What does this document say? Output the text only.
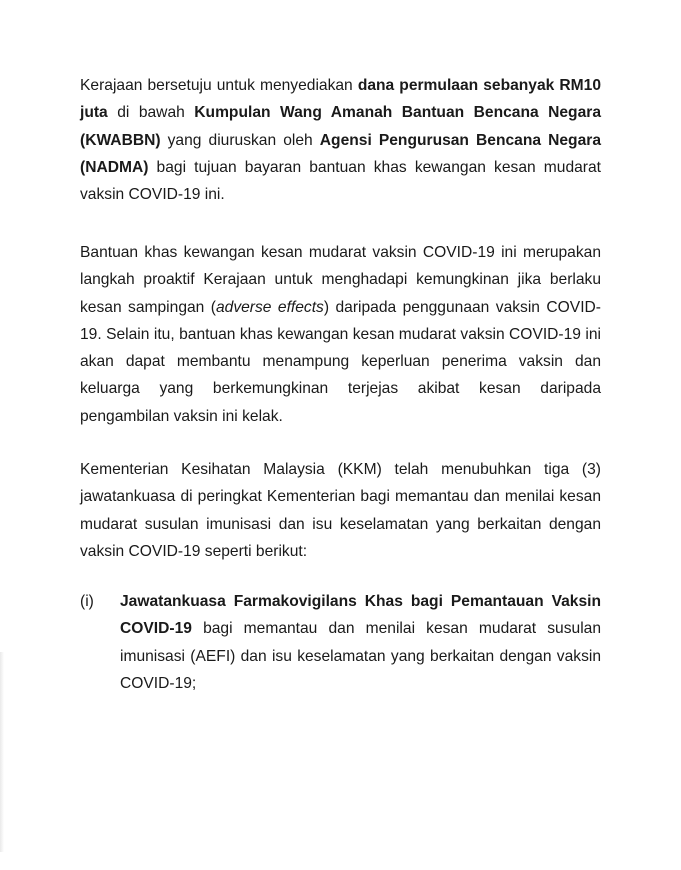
Kerajaan bersetuju untuk menyediakan dana permulaan sebanyak RM10 juta di bawah Kumpulan Wang Amanah Bantuan Bencana Negara (KWABBN) yang diuruskan oleh Agensi Pengurusan Bencana Negara (NADMA) bagi tujuan bayaran bantuan khas kewangan kesan mudarat vaksin COVID-19 ini.

Bantuan khas kewangan kesan mudarat vaksin COVID-19 ini merupakan langkah proaktif Kerajaan untuk menghadapi kemungkinan jika berlaku kesan sampingan (adverse effects) daripada penggunaan vaksin COVID-19. Selain itu, bantuan khas kewangan kesan mudarat vaksin COVID-19 ini akan dapat membantu menampung keperluan penerima vaksin dan keluarga yang berkemungkinan terjejas akibat kesan daripada pengambilan vaksin ini kelak.

Kementerian Kesihatan Malaysia (KKM) telah menubuhkan tiga (3) jawatankuasa di peringkat Kementerian bagi memantau dan menilai kesan mudarat susulan imunisasi dan isu keselamatan yang berkaitan dengan vaksin COVID-19 seperti berikut:

(i)	Jawatankuasa Farmakovigilans Khas bagi Pemantauan Vaksin COVID-19 bagi memantau dan menilai kesan mudarat susulan imunisasi (AEFI) dan isu keselamatan yang berkaitan dengan vaksin COVID-19;
